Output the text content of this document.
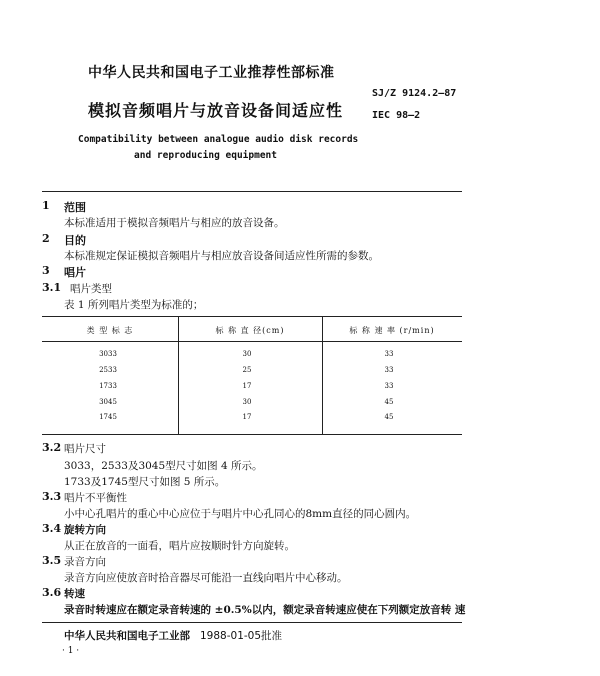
中华人民共和国电子工业推荐性部标准
模拟音频唱片与放音设备间适应性
SJ/Z 9124.2—87
IEC 98—2
Compatibility between analogue audio disk records
and reproducing equipment
1 范围
本标准适用于模拟音频唱片与相应的放音设备。
2 目的
本标准规定保证模拟音频唱片与相应放音设备间适应性所需的参数。
3 唱片
3.1 唱片类型
表 1 所列唱片类型为标准的；
类 型 标 志	标 称 直 径(cm)	标 称 速 率 (r/min)
3033	30	33
2533	25	33
1733	17	33
3045	30	45
1745	17	45
3.2 唱片尺寸
3033，2533及3045型尺寸如图 4 所示。
1733及1745型尺寸如图 5 所示。
3.3 唱片不平衡性
小中心孔唱片的重心中心应位于与唱片中心孔同心的8mm直径的同心圆内。
3.4 旋转方向
从正在放音的一面看，唱片应按顺时针方向旋转。
3.5 录音方向
录音方向应使放音时拾音器尽可能沿一直线向唱片中心移动。
3.6 转速
录音时转速应在额定录音转速的 ±0.5%以内，额定录音转速应使在下列额定放音转 速
中华人民共和国电子工业部 1988-01-05批准
· 1 ·
